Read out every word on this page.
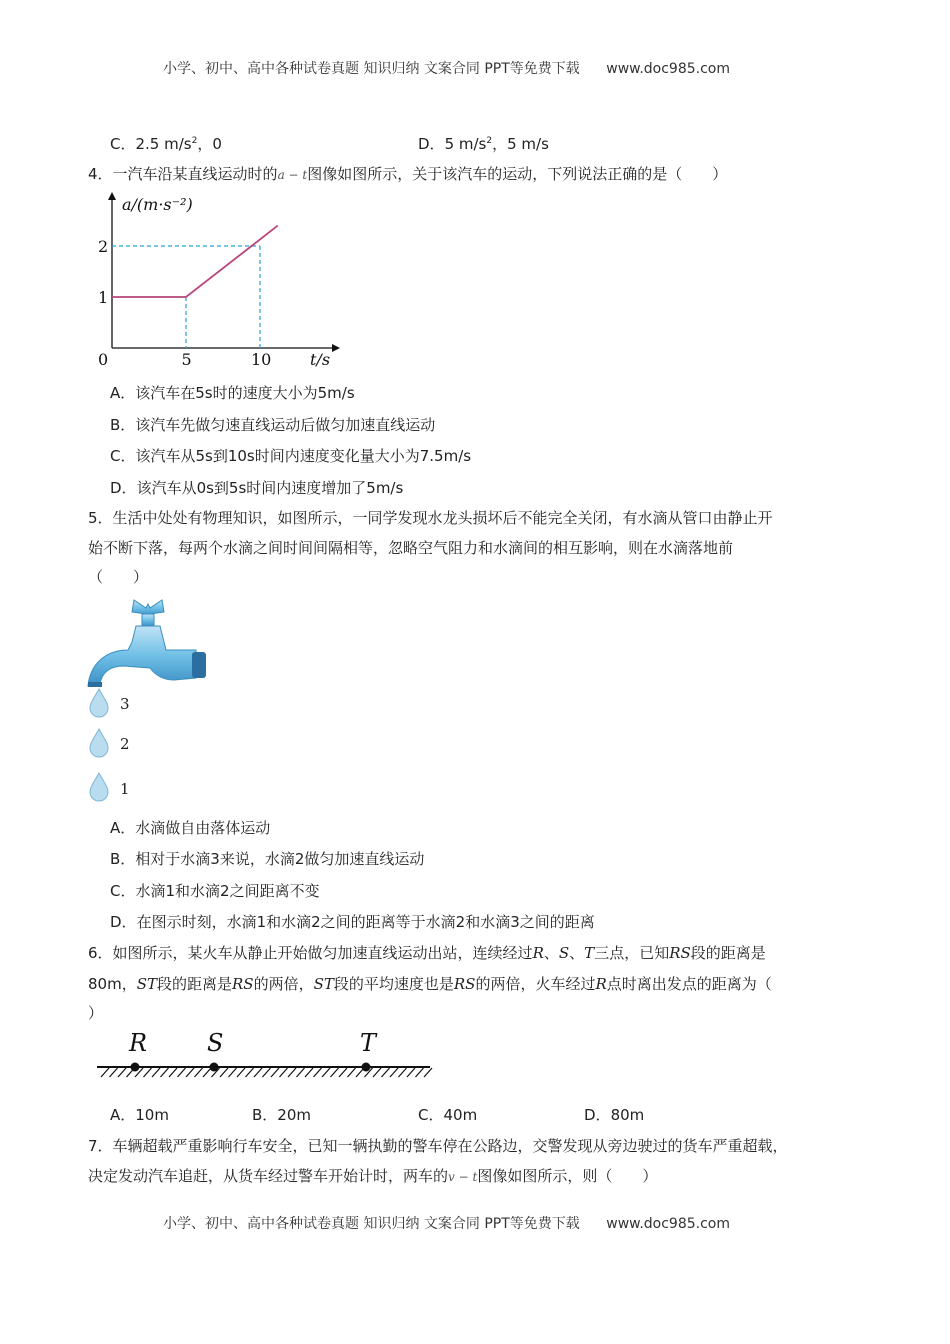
小学、初中、高中各种试卷真题 知识归纳 文案合同 PPT等免费下载 www.doc985.com
C．2.5 $m/s^2$，0	D．5 $m/s^2$，5 m/s
4．一汽车沿某直线运动时的a − t图像如图所示，关于该汽车的运动，下列说法正确的是（　　）
a/(m·s⁻²)
t/s
0	5	10
1
2
A．该汽车在5s时的速度大小为5m/s
B．该汽车先做匀速直线运动后做匀加速直线运动
C．该汽车从5s到10s时间内速度变化量大小为7.5m/s
D．该汽车从0s到5s时间内速度增加了5m/s
5．生活中处处有物理知识，如图所示，一同学发现水龙头损坏后不能完全关闭，有水滴从管口由静止开
始不断下落，每两个水滴之间时间间隔相等，忽略空气阻力和水滴间的相互影响，则在水滴落地前
（　　）
3
2
1
A．水滴做自由落体运动
B．相对于水滴3来说，水滴2做匀加速直线运动
C．水滴1和水滴2之间距离不变
D．在图示时刻，水滴1和水滴2之间的距离等于水滴2和水滴3之间的距离
6．如图所示，某火车从静止开始做匀加速直线运动出站，连续经过R、S、T三点，已知RS段的距离是
80m，ST段的距离是RS的两倍，ST段的平均速度也是RS的两倍，火车经过R点时离出发点的距离为（
）
R S	T
A．10m	B．20m	C．40m	D．80m
7．车辆超载严重影响行车安全，已知一辆执勤的警车停在公路边，交警发现从旁边驶过的货车严重超载，
决定发动汽车追赶，从货车经过警车开始计时，两车的v − t图像如图所示，则（　　）
小学、初中、高中各种试卷真题 知识归纳 文案合同 PPT等免费下载 www.doc985.com
